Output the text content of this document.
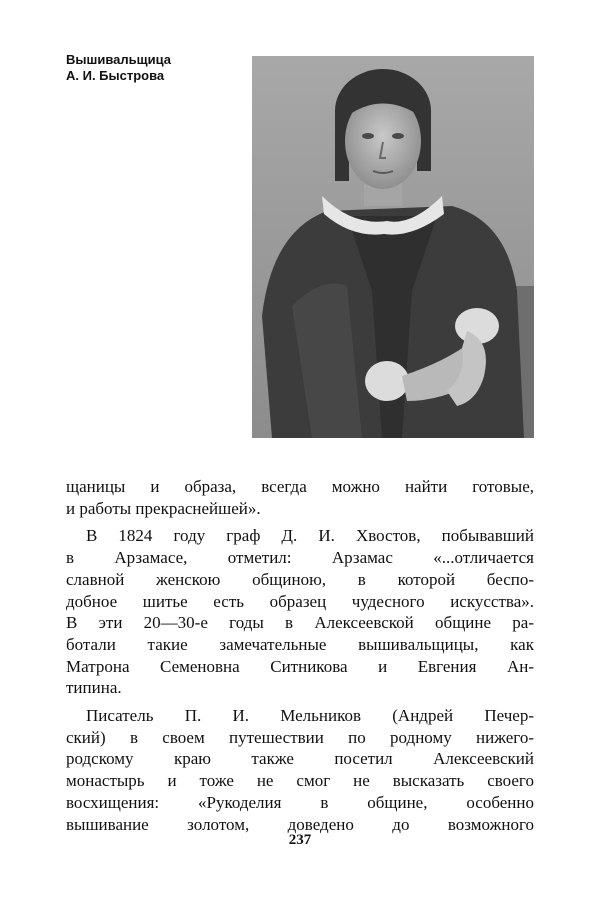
Вышивальщица
А. И. Быстрова

щаницы и образа, всегда можно найти готовые,
и работы прекраснейшей».

В 1824 году граф Д. И. Хвостов, побывавший
в Арзамасе, отметил: Арзамас «...отличается
славной женскою общиною, в которой беспо-
добное шитье есть образец чудесного искусства».
В эти 20—30-е годы в Алексеевской общине ра-
ботали такие замечательные вышивальщицы, как
Матрона Семеновна Ситникова и Евгения Ан-
типина.

Писатель П. И. Мельников (Андрей Печер-
ский) в своем путешествии по родному нижего-
родскому краю также посетил Алексеевский
монастырь и тоже не смог не высказать своего
восхищения: «Рукоделия в общине, особенно
вышивание золотом, доведено до возможного

237
